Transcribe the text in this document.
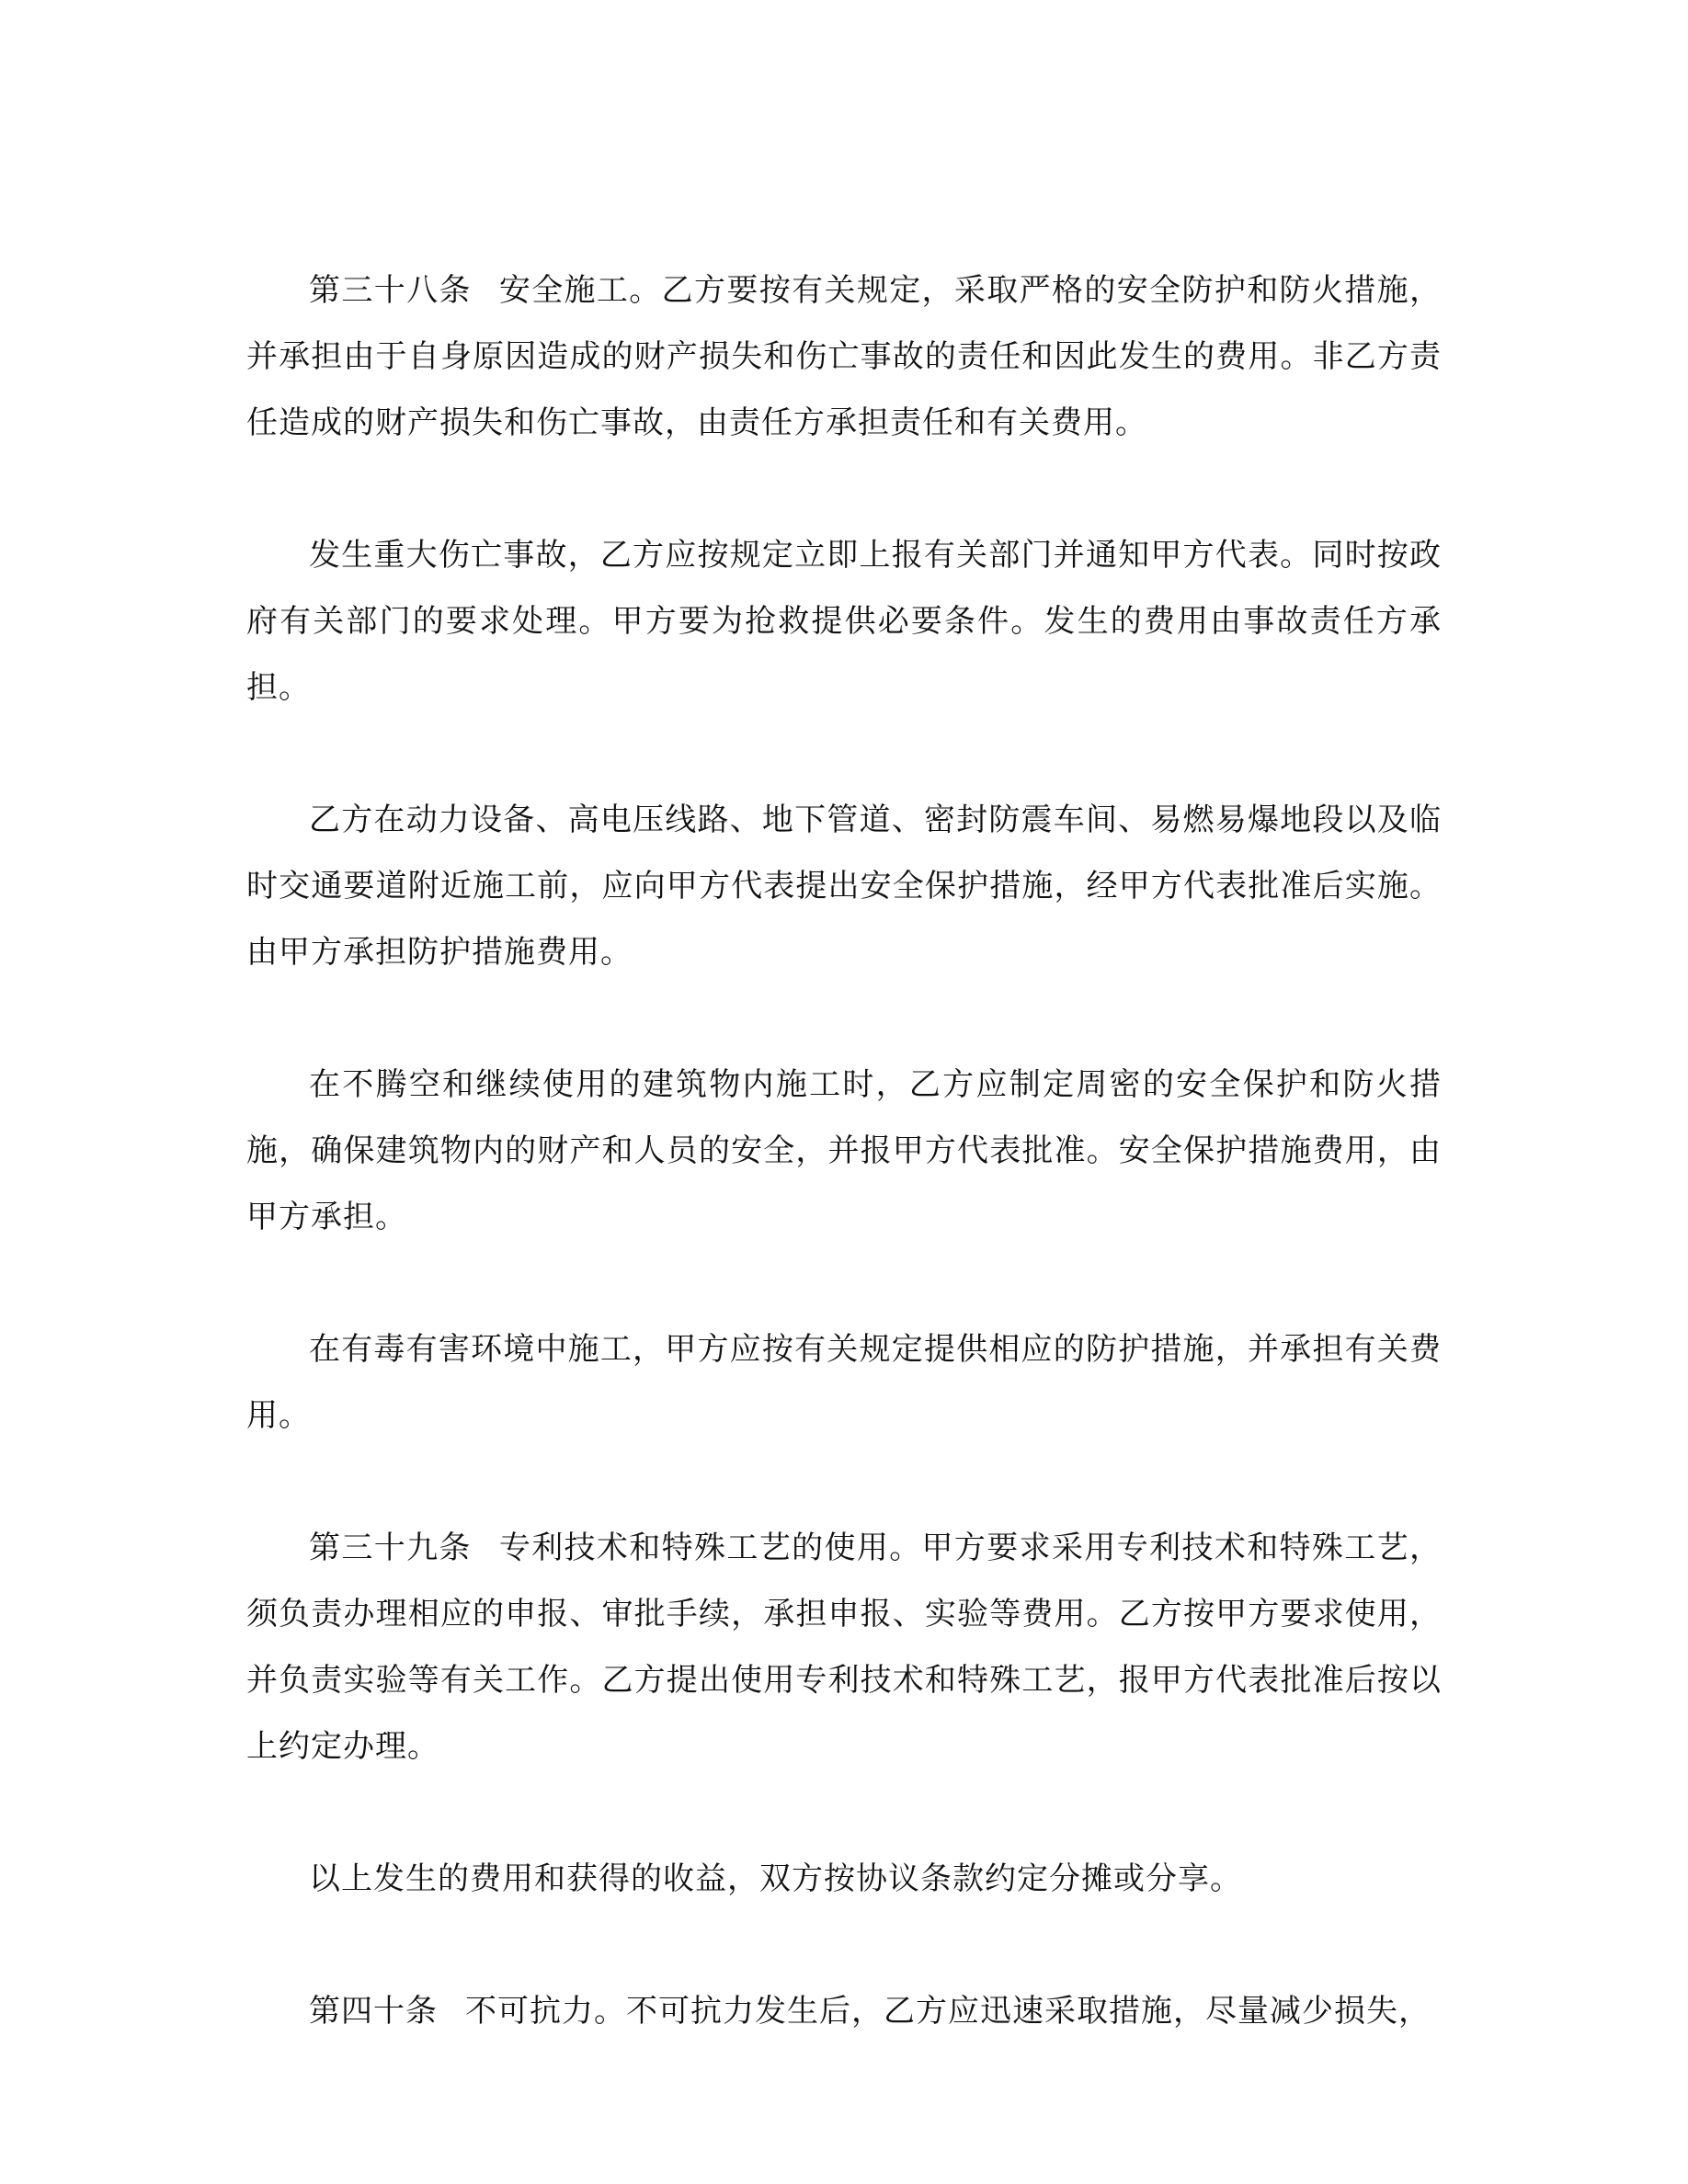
第三十八条 安全施工。乙方要按有关规定，采取严格的安全防护和防火措施，并承担由于自身原因造成的财产损失和伤亡事故的责任和因此发生的费用。非乙方责任造成的财产损失和伤亡事故，由责任方承担责任和有关费用。

发生重大伤亡事故，乙方应按规定立即上报有关部门并通知甲方代表。同时按政府有关部门的要求处理。甲方要为抢救提供必要条件。发生的费用由事故责任方承担。

乙方在动力设备、高电压线路、地下管道、密封防震车间、易燃易爆地段以及临时交通要道附近施工前，应向甲方代表提出安全保护措施，经甲方代表批准后实施。由甲方承担防护措施费用。

在不腾空和继续使用的建筑物内施工时，乙方应制定周密的安全保护和防火措施，确保建筑物内的财产和人员的安全，并报甲方代表批准。安全保护措施费用，由甲方承担。

在有毒有害环境中施工，甲方应按有关规定提供相应的防护措施，并承担有关费用。

第三十九条 专利技术和特殊工艺的使用。甲方要求采用专利技术和特殊工艺，须负责办理相应的申报、审批手续，承担申报、实验等费用。乙方按甲方要求使用，并负责实验等有关工作。乙方提出使用专利技术和特殊工艺，报甲方代表批准后按以上约定办理。

以上发生的费用和获得的收益，双方按协议条款约定分摊或分享。

第四十条 不可抗力。不可抗力发生后，乙方应迅速采取措施，尽量减少损失，
